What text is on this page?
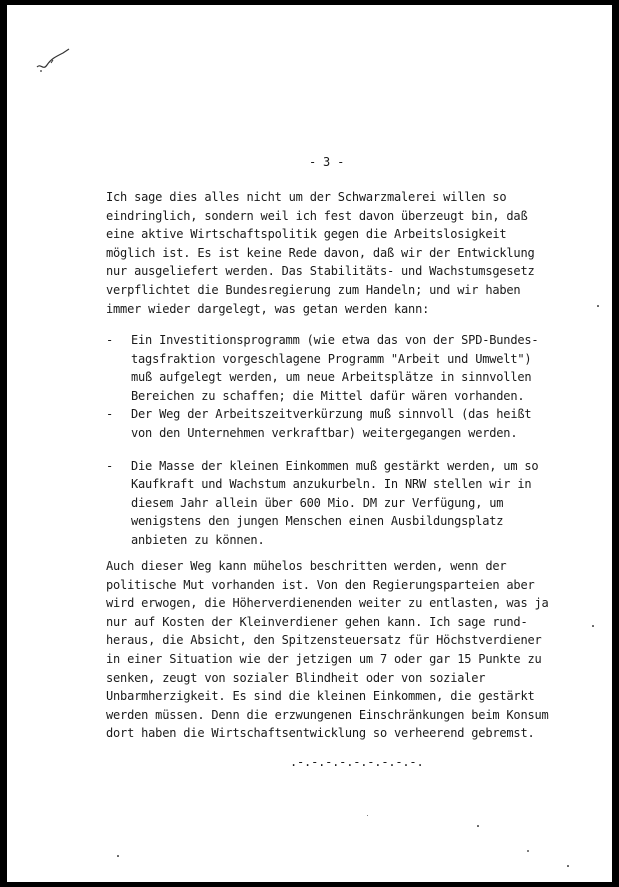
- 3 -
Ich sage dies alles nicht um der Schwarzmalerei willen so
eindringlich, sondern weil ich fest davon überzeugt bin, daß
eine aktive Wirtschaftspolitik gegen die Arbeitslosigkeit
möglich ist. Es ist keine Rede davon, daß wir der Entwicklung
nur ausgeliefert werden. Das Stabilitäts- und Wachstumsgesetz
verpflichtet die Bundesregierung zum Handeln; und wir haben
immer wieder dargelegt, was getan werden kann:
- Ein Investitionsprogramm (wie etwa das von der SPD-Bundes-
tagsfraktion vorgeschlagene Programm "Arbeit und Umwelt")
muß aufgelegt werden, um neue Arbeitsplätze in sinnvollen
Bereichen zu schaffen; die Mittel dafür wären vorhanden.
- Der Weg der Arbeitszeitverkürzung muß sinnvoll (das heißt
von den Unternehmen verkraftbar) weitergegangen werden.
- Die Masse der kleinen Einkommen muß gestärkt werden, um so
Kaufkraft und Wachstum anzukurbeln. In NRW stellen wir in
diesem Jahr allein über 600 Mio. DM zur Verfügung, um
wenigstens den jungen Menschen einen Ausbildungsplatz
anbieten zu können.
Auch dieser Weg kann mühelos beschritten werden, wenn der
politische Mut vorhanden ist. Von den Regierungsparteien aber
wird erwogen, die Höherverdienenden weiter zu entlasten, was ja
nur auf Kosten der Kleinverdiener gehen kann. Ich sage rund-
heraus, die Absicht, den Spitzensteuersatz für Höchstverdiener
in einer Situation wie der jetzigen um 7 oder gar 15 Punkte zu
senken, zeugt von sozialer Blindheit oder von sozialer
Unbarmherzigkeit. Es sind die kleinen Einkommen, die gestärkt
werden müssen. Denn die erzwungenen Einschränkungen beim Konsum
dort haben die Wirtschaftsentwicklung so verheerend gebremst.
.-.-.-.-.-.-.-.-.-.
